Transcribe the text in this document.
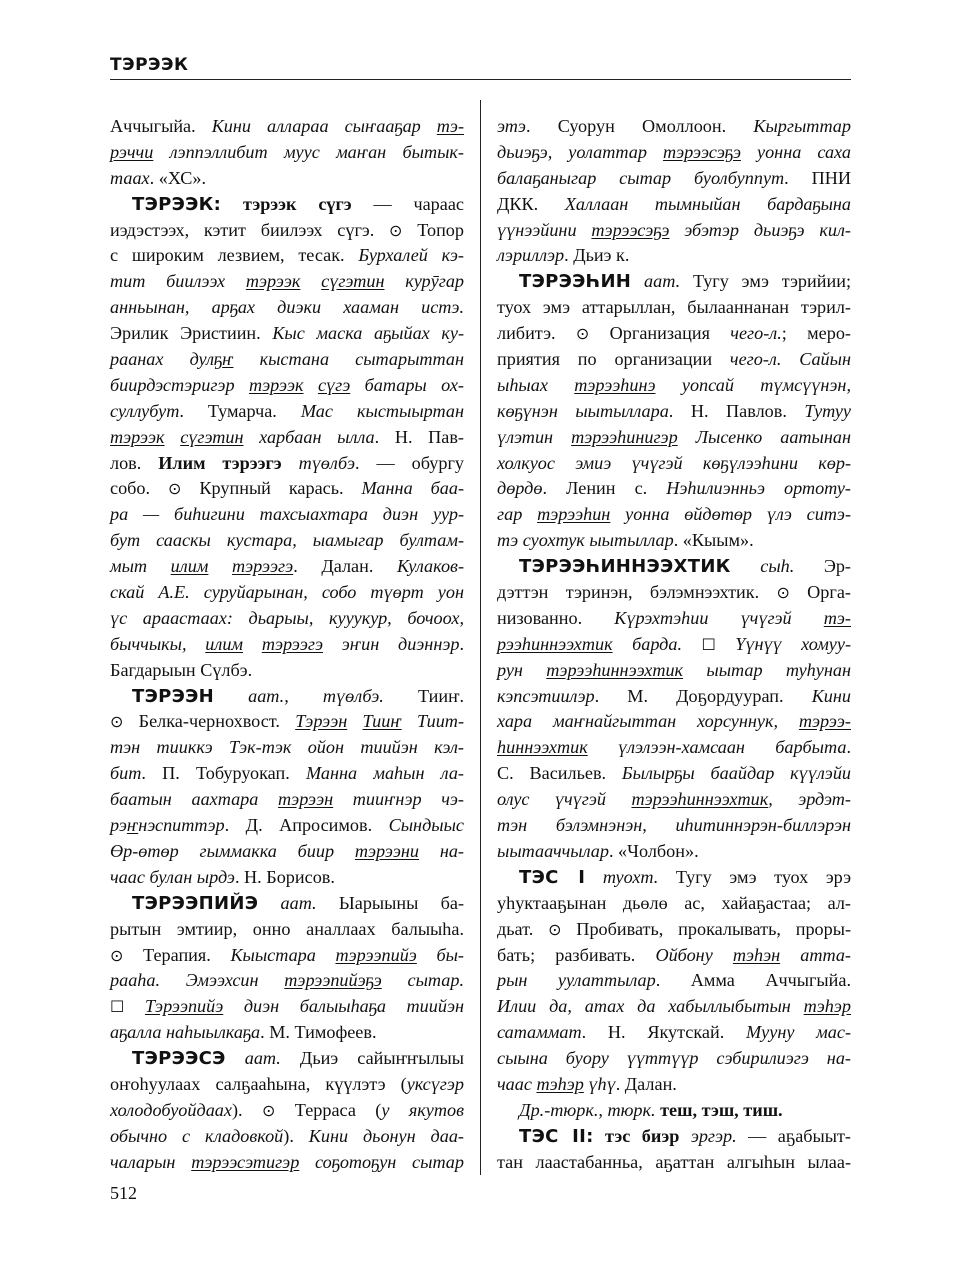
ТЭРЭЭК
Аччыгыйа. Кини алларaа сыҥааҕар тэ-
рэччи лэппэллибит муус маҥан бытык-
таах. «ХС».
ТЭРЭЭК: тэрээк сүгэ — чараас
иэдэстээх, кэтит биилээх сүгэ. ⊙ Топор
с широким лезвием, тесак. Бурхалей кэ-
тит биилээх тэрээк сүгэтин курӯгар
анньынан, арҕах диэки хааман истэ.
Эрилик Эристиин. Кыс маска аҕыйах ку-
раанах дулҕҥ кыстана сытарыттан
биирдэстэригэр тэрээк сүгэ батары ох-
суллубут. Тумарча. Мас кыстыыртан
тэрээк сүгэтин харбаан ылла. Н. Пав-
лов. Илим тэрээгэ түөлбэ. — обургу
собо. ⊙ Крупный карась. Манна баа-
ра — биһигини тахсыахтара диэн уур-
бут сааскы кустара, ыамыгар бултам-
мыт илим тэрээгэ. Далан. Кулаков-
скай А.Е. суруйарынан, собо түөрт уон
үс араастаах: дьарыы, кууукур, бочоох,
быччыкы, илим тэрээгэ эҥин диэннэр.
Багдарыын Сүлбэ.
ТЭРЭЭН аат., түөлбэ. Тииҥ.
⊙ Белка-чернохвост. Тэрээн Тииҥ Тиит-
тэн тииккэ Тэк-тэк ойон тиийэн кэл-
бит. П. Тобуруокап. Манна маһын ла-
баатын аахтара тэрээн тииҥнэр чэ-
рэҥнэспиттэр. Д. Апросимов. Сындыыс
Өр-өтөр гыммакка биир тэрээни на-
чаас булан ырдэ. Н. Борисов.
ТЭРЭЭПИЙЭ аат. Ыарыыны ба-
рытын эмтиир, онно аналлаах балыыһа.
⊙ Терапия. Кыыстара тэрээпийэ бы-
рааһа. Эмээхсин тэрээпийэҕэ сытар.
☐ Тэрээпийэ диэн балыыһаҕа тиийэн
аҕалла наһыылкаҕа. М. Тимофеев.
ТЭРЭЭСЭ аат. Дьиэ сайыҥҥылыы
оҥоһуулаах салҕааһына, күүлэтэ (уксүгэр
холодобуойдаах). ⊙ Терраса (у якутов
обычно с кладовкой). Кини дьонун даа-
чаларын тэрээсэтигэр соҕотоҕун сытар
этэ. Суорун Омоллоон. Кыргыттар
дьиэҕэ, уолаттар тэрээсэҕэ уонна саха
балаҕаныгар сытар буолбуппут. ПНИ
ДКК. Халлаан тымныйан бардаҕына
үүнээйини тэрээсэҕэ эбэтэр дьиэҕэ кил-
лэриллэр. Дьиэ к.
ТЭРЭЭҺИН аат. Тугу эмэ тэрийии;
туох эмэ аттарыллан, былааннанан тэрил-
либитэ. ⊙ Организация чего-л.; меро-
приятия по организации чего-л. Сайын
ыһыах тэрээһинэ уопсай түмсүүнэн,
көҕүнэн ыытыллара. Н. Павлов. Тутуу
үлэтин тэрээһинигэр Лысенко аатынан
холкуос эмиэ үчүгэй көҕүлээһини көр-
дөрдө. Ленин с. Нэһилиэнньэ ортоту-
гар тэрээһин уонна өйдөтөр үлэ ситэ-
тэ суохтук ыытыллар. «Кыым».
ТЭРЭЭҺИННЭЭХТИК сыһ. Эр-
дэттэн тэринэн, бэлэмнээхтик. ⊙ Орга-
низованно. Күрэхтэһии үчүгэй тэ-
рээһиннээхтик барда. ☐ Үүнүү хомуу-
рун тэрээһиннээхтик ыытар туһунан
кэпсэтиилэр. М. Доҕордуурап. Кини
хара маҥнайгыттан хорсуннук, тэрээ-
һиннээхтик үлэлээн-хамсаан барбыта.
С. Васильев. Былырҕы баайдар күүлэйи
олус үчүгэй тэрээһиннээхтик, эрдэт-
тэн бэлэмнэнэн, иһитиннэрэн-биллэрэн
ыытааччылар. «Чолбон».
ТЭС I туохт. Тугу эмэ туох эрэ
уһуктааҕынан дьөлө ас, хайаҕастаа; ал-
дьат. ⊙ Пробивать, прокалывать, проры-
бать; разбивать. Ойбону тэһэн атта-
рын уулаттылар. Амма Аччыгыйа.
Илии да, атах да хабыллыбытын тэһэр
сатаммат. Н. Якутскай. Мууну мас-
сыына буору үүттүүр сэбирилиэгэ на-
чаас тэһэр үһү. Далан.
Др.-тюрк., тюрк. теш, тэш, тиш.
ТЭС II: тэс биэр эргэр. — аҕабыыт-
тан лаастабанньа, аҕаттан алгыһын ылаа-
512
